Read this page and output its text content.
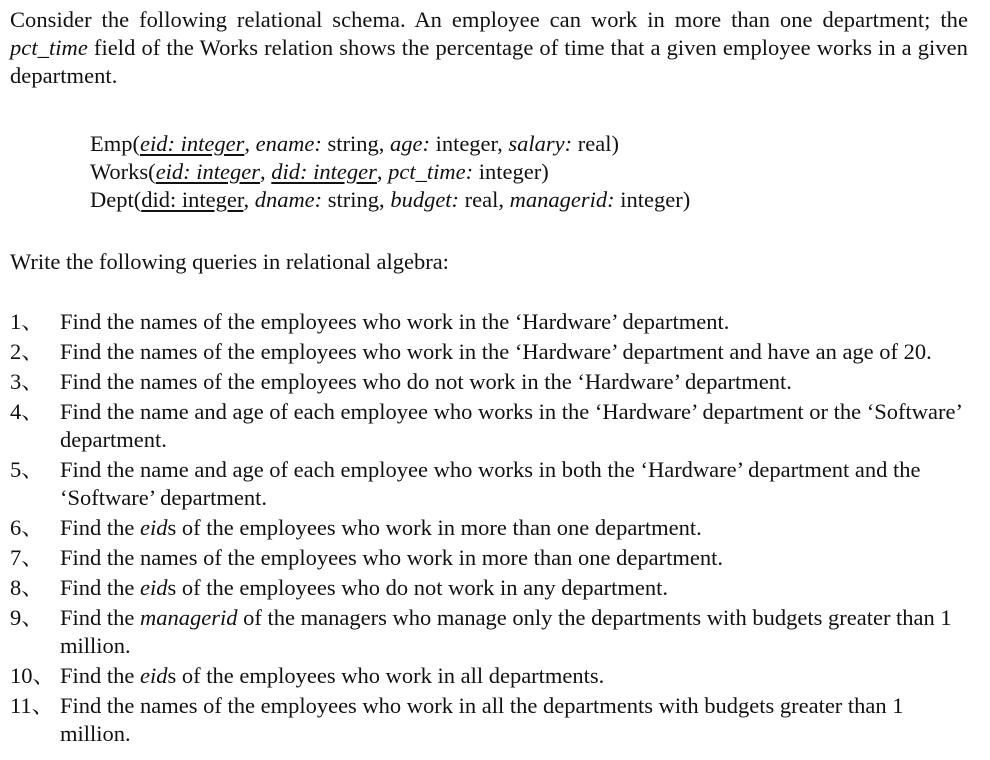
Consider the following relational schema. An employee can work in more than one department; the pct_time field of the Works relation shows the percentage of time that a given employee works in a given department.

Emp(eid: integer, ename: string, age: integer, salary: real)
Works(eid: integer, did: integer, pct_time: integer)
Dept(did: integer, dname: string, budget: real, managerid: integer)
Write the following queries in relational algebra:
1、 Find the names of the employees who work in the ‘Hardware’ department.
2、 Find the names of the employees who work in the ‘Hardware’ department and have an age of 20.
3、 Find the names of the employees who do not work in the ‘Hardware’ department.
4、 Find the name and age of each employee who works in the ‘Hardware’ department or the ‘Software’ department.
5、 Find the name and age of each employee who works in both the ‘Hardware’ department and the ‘Software’ department.
6、 Find the eids of the employees who work in more than one department.
7、 Find the names of the employees who work in more than one department.
8、 Find the eids of the employees who do not work in any department.
9、 Find the managerid of the managers who manage only the departments with budgets greater than 1 million.
10、 Find the eids of the employees who work in all departments.
11、 Find the names of the employees who work in all the departments with budgets greater than 1 million.
